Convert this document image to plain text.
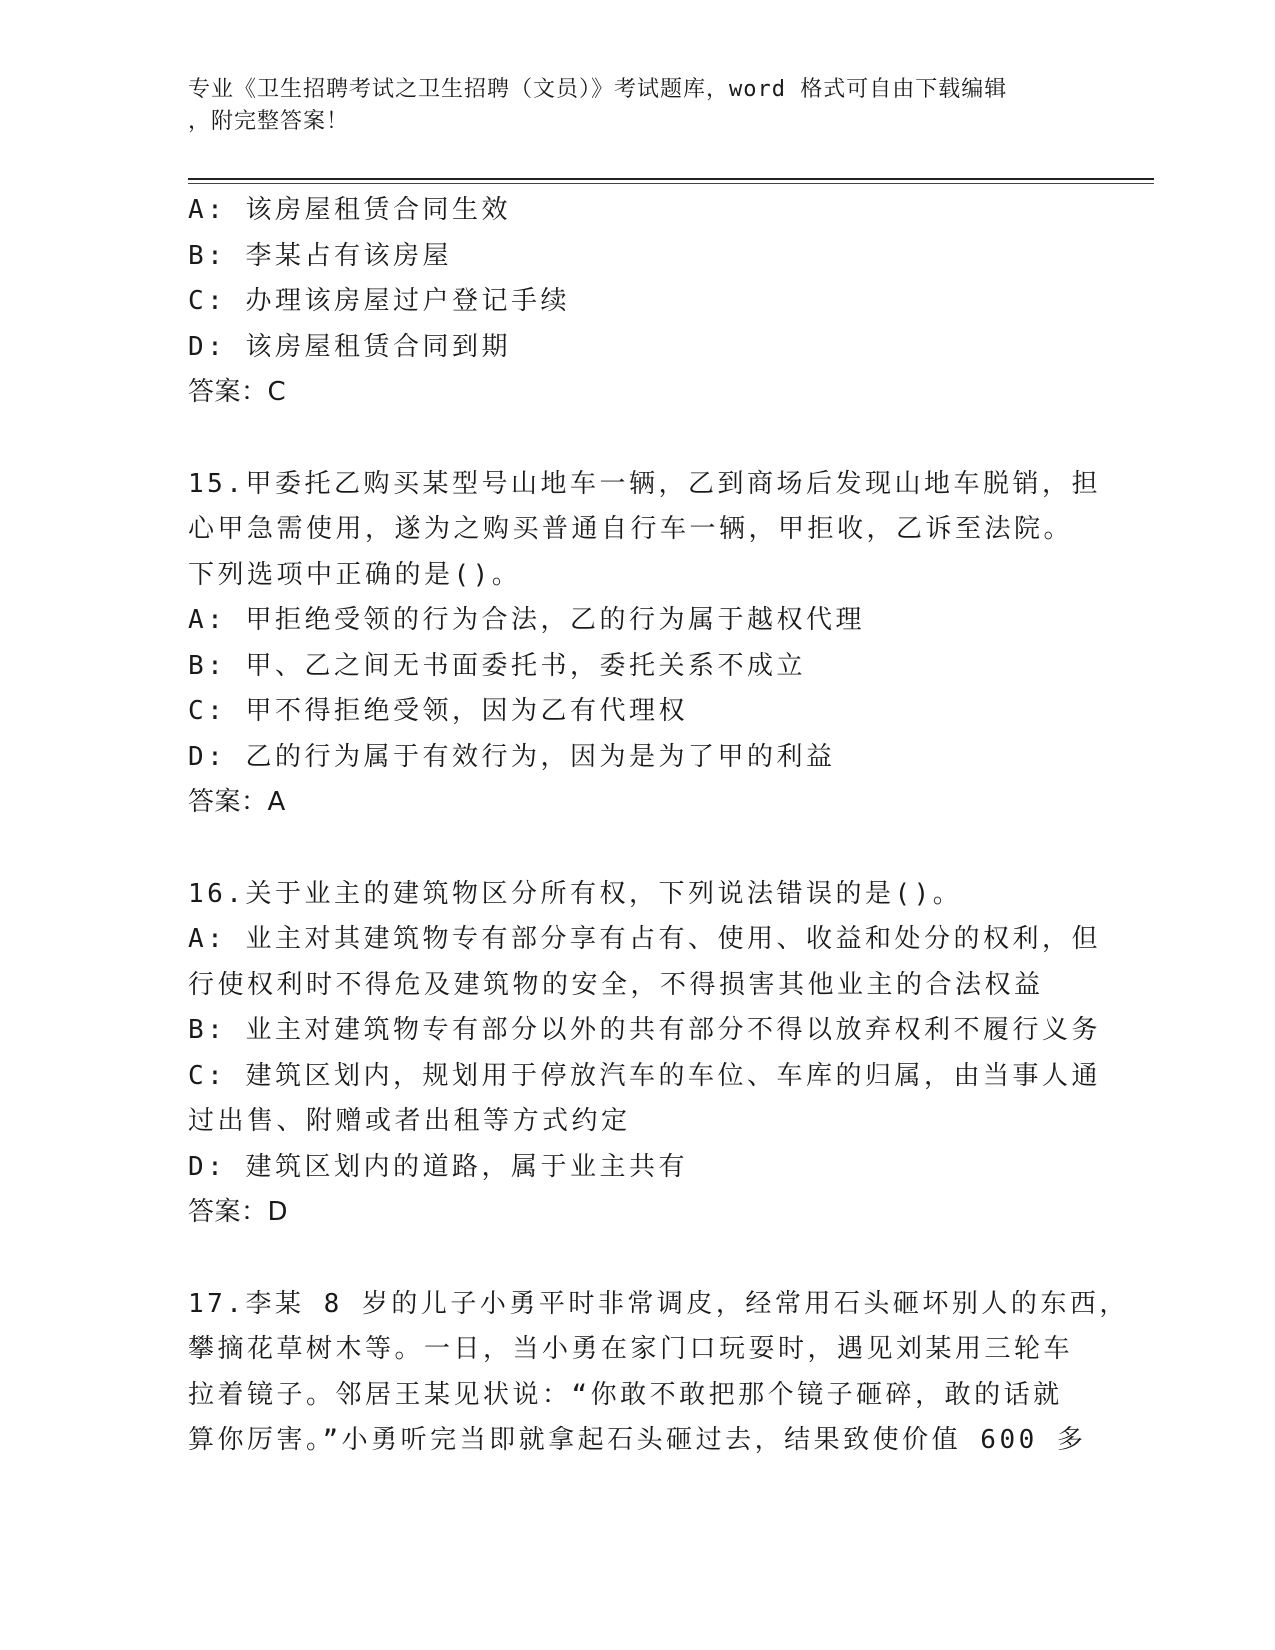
专业《卫生招聘考试之卫生招聘（文员）》考试题库，word 格式可自由下载编辑
，附完整答案！
A: 该房屋租赁合同生效
B: 李某占有该房屋
C: 办理该房屋过户登记手续
D: 该房屋租赁合同到期
答案：C
15.甲委托乙购买某型号山地车一辆，乙到商场后发现山地车脱销，担
心甲急需使用，遂为之购买普通自行车一辆，甲拒收，乙诉至法院。
下列选项中正确的是()。
A: 甲拒绝受领的行为合法，乙的行为属于越权代理
B: 甲、乙之间无书面委托书，委托关系不成立
C: 甲不得拒绝受领，因为乙有代理权
D: 乙的行为属于有效行为，因为是为了甲的利益
答案：A
16.关于业主的建筑物区分所有权，下列说法错误的是()。
A: 业主对其建筑物专有部分享有占有、使用、收益和处分的权利，但
行使权利时不得危及建筑物的安全，不得损害其他业主的合法权益
B: 业主对建筑物专有部分以外的共有部分不得以放弃权利不履行义务
C: 建筑区划内，规划用于停放汽车的车位、车库的归属，由当事人通
过出售、附赠或者出租等方式约定
D: 建筑区划内的道路，属于业主共有
答案：D
17.李某 8 岁的儿子小勇平时非常调皮，经常用石头砸坏别人的东西，
攀摘花草树木等。一日，当小勇在家门口玩耍时，遇见刘某用三轮车
拉着镜子。邻居王某见状说：“你敢不敢把那个镜子砸碎，敢的话就
算你厉害。”小勇听完当即就拿起石头砸过去，结果致使价值 600 多
